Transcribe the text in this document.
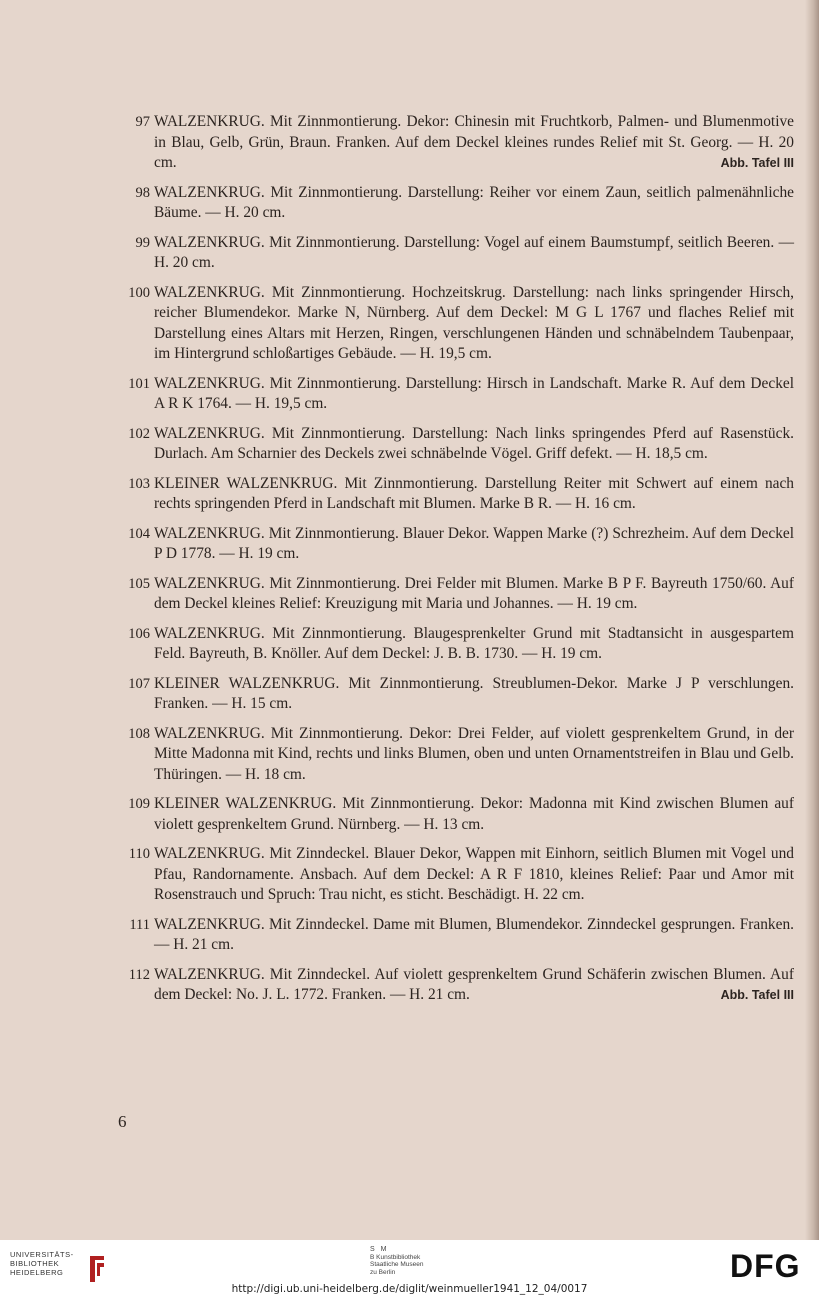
97 WALZENKRUG. Mit Zinnmontierung. Dekor: Chinesin mit Fruchtkorb, Palmen- und Blumenmotive in Blau, Gelb, Grün, Braun. Franken. Auf dem Deckel kleines rundes Relief mit St. Georg. — H. 20 cm.	Abb. Tafel III
98 WALZENKRUG. Mit Zinnmontierung. Darstellung: Reiher vor einem Zaun, seitlich palmenähnliche Bäume. — H. 20 cm.
99 WALZENKRUG. Mit Zinnmontierung. Darstellung: Vogel auf einem Baumstumpf, seitlich Beeren. — H. 20 cm.
100 WALZENKRUG. Mit Zinnmontierung. Hochzeitskrug. Darstellung: nach links springender Hirsch, reicher Blumendekor. Marke N, Nürnberg. Auf dem Deckel: M G L 1767 und flaches Relief mit Darstellung eines Altars mit Herzen, Ringen, verschlungenen Händen und schnäbelndem Taubenpaar, im Hintergrund schloßartiges Gebäude. — H. 19,5 cm.
101 WALZENKRUG. Mit Zinnmontierung. Darstellung: Hirsch in Landschaft. Marke R. Auf dem Deckel A R K 1764. — H. 19,5 cm.
102 WALZENKRUG. Mit Zinnmontierung. Darstellung: Nach links springendes Pferd auf Rasenstück. Durlach. Am Scharnier des Deckels zwei schnäbelnde Vögel. Griff defekt. — H. 18,5 cm.
103 KLEINER WALZENKRUG. Mit Zinnmontierung. Darstellung Reiter mit Schwert auf einem nach rechts springenden Pferd in Landschaft mit Blumen. Marke B R. — H. 16 cm.
104 WALZENKRUG. Mit Zinnmontierung. Blauer Dekor. Wappen Marke (?) Schrezheim. Auf dem Deckel P D 1778. — H. 19 cm.
105 WALZENKRUG. Mit Zinnmontierung. Drei Felder mit Blumen. Marke B P F. Bayreuth 1750/60. Auf dem Deckel kleines Relief: Kreuzigung mit Maria und Johannes. — H. 19 cm.
106 WALZENKRUG. Mit Zinnmontierung. Blaugesprenkelter Grund mit Stadtansicht in ausgespartem Feld. Bayreuth, B. Knöller. Auf dem Deckel: J. B. B. 1730. — H. 19 cm.
107 KLEINER WALZENKRUG. Mit Zinnmontierung. Streublumen-Dekor. Marke J P verschlungen. Franken. — H. 15 cm.
108 WALZENKRUG. Mit Zinnmontierung. Dekor: Drei Felder, auf violett gesprenkeltem Grund, in der Mitte Madonna mit Kind, rechts und links Blumen, oben und unten Ornamentstreifen in Blau und Gelb. Thüringen. — H. 18 cm.
109 KLEINER WALZENKRUG. Mit Zinnmontierung. Dekor: Madonna mit Kind zwischen Blumen auf violett gesprenkeltem Grund. Nürnberg. — H. 13 cm.
110 WALZENKRUG. Mit Zinndeckel. Blauer Dekor, Wappen mit Einhorn, seitlich Blumen mit Vogel und Pfau, Randornamente. Ansbach. Auf dem Deckel: A R F 1810, kleines Relief: Paar und Amor mit Rosenstrauch und Spruch: Trau nicht, es sticht. Beschädigt. H. 22 cm.
111 WALZENKRUG. Mit Zinndeckel. Dame mit Blumen, Blumendekor. Zinndeckel gesprungen. Franken. — H. 21 cm.
112 WALZENKRUG. Mit Zinndeckel. Auf violett gesprenkeltem Grund Schäferin zwischen Blumen. Auf dem Deckel: No. J. L. 1772. Franken. — H. 21 cm.	Abb. Tafel III
6
UNIVERSITÄTS-
BIBLIOTHEK
HEIDELBERG
S M
B Kunstbibliothek
Staatliche Museen
zu Berlin	DFG
http://digi.ub.uni-heidelberg.de/diglit/weinmueller1941_12_04/0017
